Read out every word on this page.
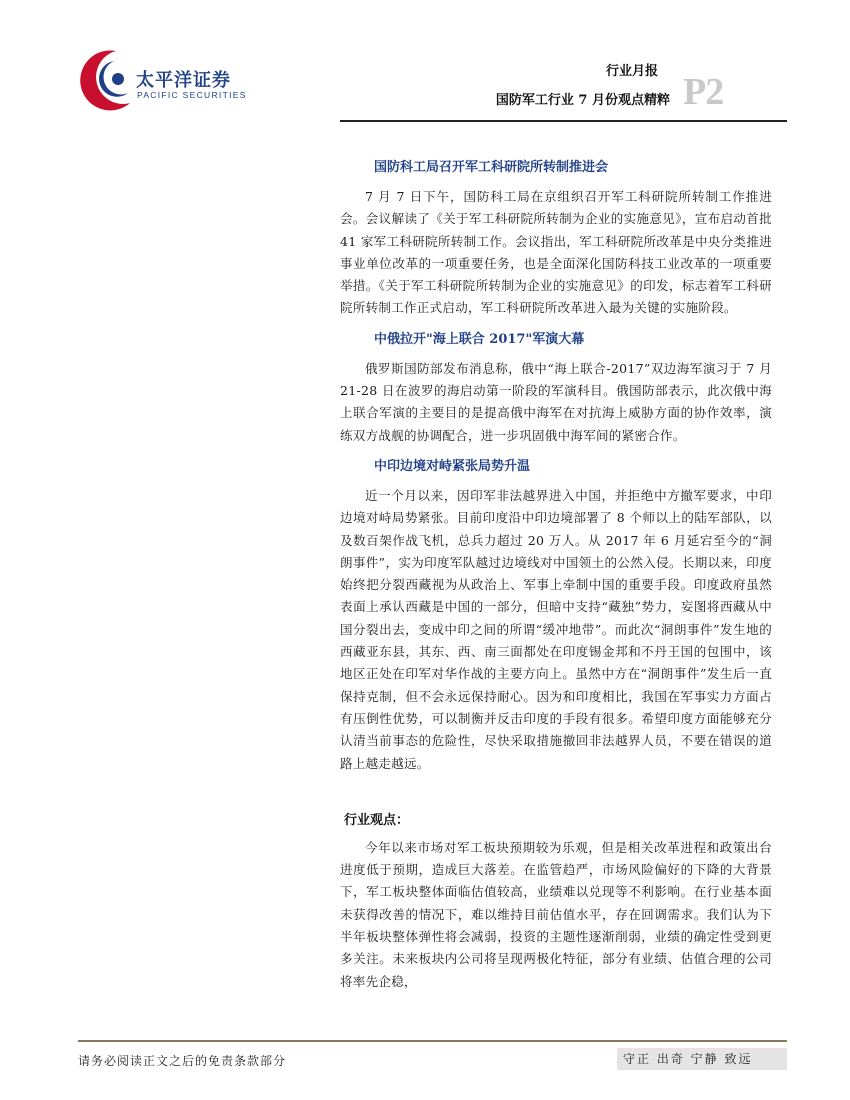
太平洋证券
PACIFIC SECURITIES
行业月报
国防军工行业 7 月份观点精粹 P2
国防科工局召开军工科研院所转制推进会

7 月 7 日下午，国防科工局在京组织召开军工科研院所转制工作推进会。会议解读了《关于军工科研院所转制为企业的实施意见》，宣布启动首批 41 家军工科研院所转制工作。会议指出，军工科研院所改革是中央分类推进事业单位改革的一项重要任务，也是全面深化国防科技工业改革的一项重要举措。《关于军工科研院所转制为企业的实施意见》的印发，标志着军工科研院所转制工作正式启动，军工科研院所改革进入最为关键的实施阶段。

中俄拉开"海上联合 2017"军演大幕

俄罗斯国防部发布消息称，俄中“海上联合-2017”双边海军演习于 7 月 21-28 日在波罗的海启动第一阶段的军演科目。俄国防部表示，此次俄中海上联合军演的主要目的是提高俄中海军在对抗海上威胁方面的协作效率，演练双方战舰的协调配合，进一步巩固俄中海军间的紧密合作。

中印边境对峙紧张局势升温

近一个月以来，因印军非法越界进入中国，并拒绝中方撤军要求，中印边境对峙局势紧张。目前印度沿中印边境部署了 8 个师以上的陆军部队，以及数百架作战飞机，总兵力超过 20 万人。从 2017 年 6 月延宕至今的“洞朗事件”，实为印度军队越过边境线对中国领土的公然入侵。长期以来，印度始终把分裂西藏视为从政治上、军事上牵制中国的重要手段。印度政府虽然表面上承认西藏是中国的一部分，但暗中支持“藏独”势力，妄图将西藏从中国分裂出去，变成中印之间的所谓“缓冲地带”。而此次“洞朗事件”发生地的西藏亚东县，其东、西、南三面都处在印度锡金邦和不丹王国的包围中，该地区正处在印军对华作战的主要方向上。虽然中方在“洞朗事件”发生后一直保持克制，但不会永远保持耐心。因为和印度相比，我国在军事实力方面占有压倒性优势，可以制衡并反击印度的手段有很多。希望印度方面能够充分认清当前事态的危险性，尽快采取措施撤回非法越界人员，不要在错误的道路上越走越远。

行业观点：

今年以来市场对军工板块预期较为乐观，但是相关改革进程和政策出台进度低于预期，造成巨大落差。在监管趋严，市场风险偏好的下降的大背景下，军工板块整体面临估值较高，业绩难以兑现等不利影响。在行业基本面未获得改善的情况下，难以维持目前估值水平，存在回调需求。我们认为下半年板块整体弹性将会减弱，投资的主题性逐渐削弱，业绩的确定性受到更多关注。未来板块内公司将呈现两极化特征，部分有业绩、估值合理的公司将率先企稳，

请务必阅读正文之后的免责条款部分	守正 出奇 宁静 致远
